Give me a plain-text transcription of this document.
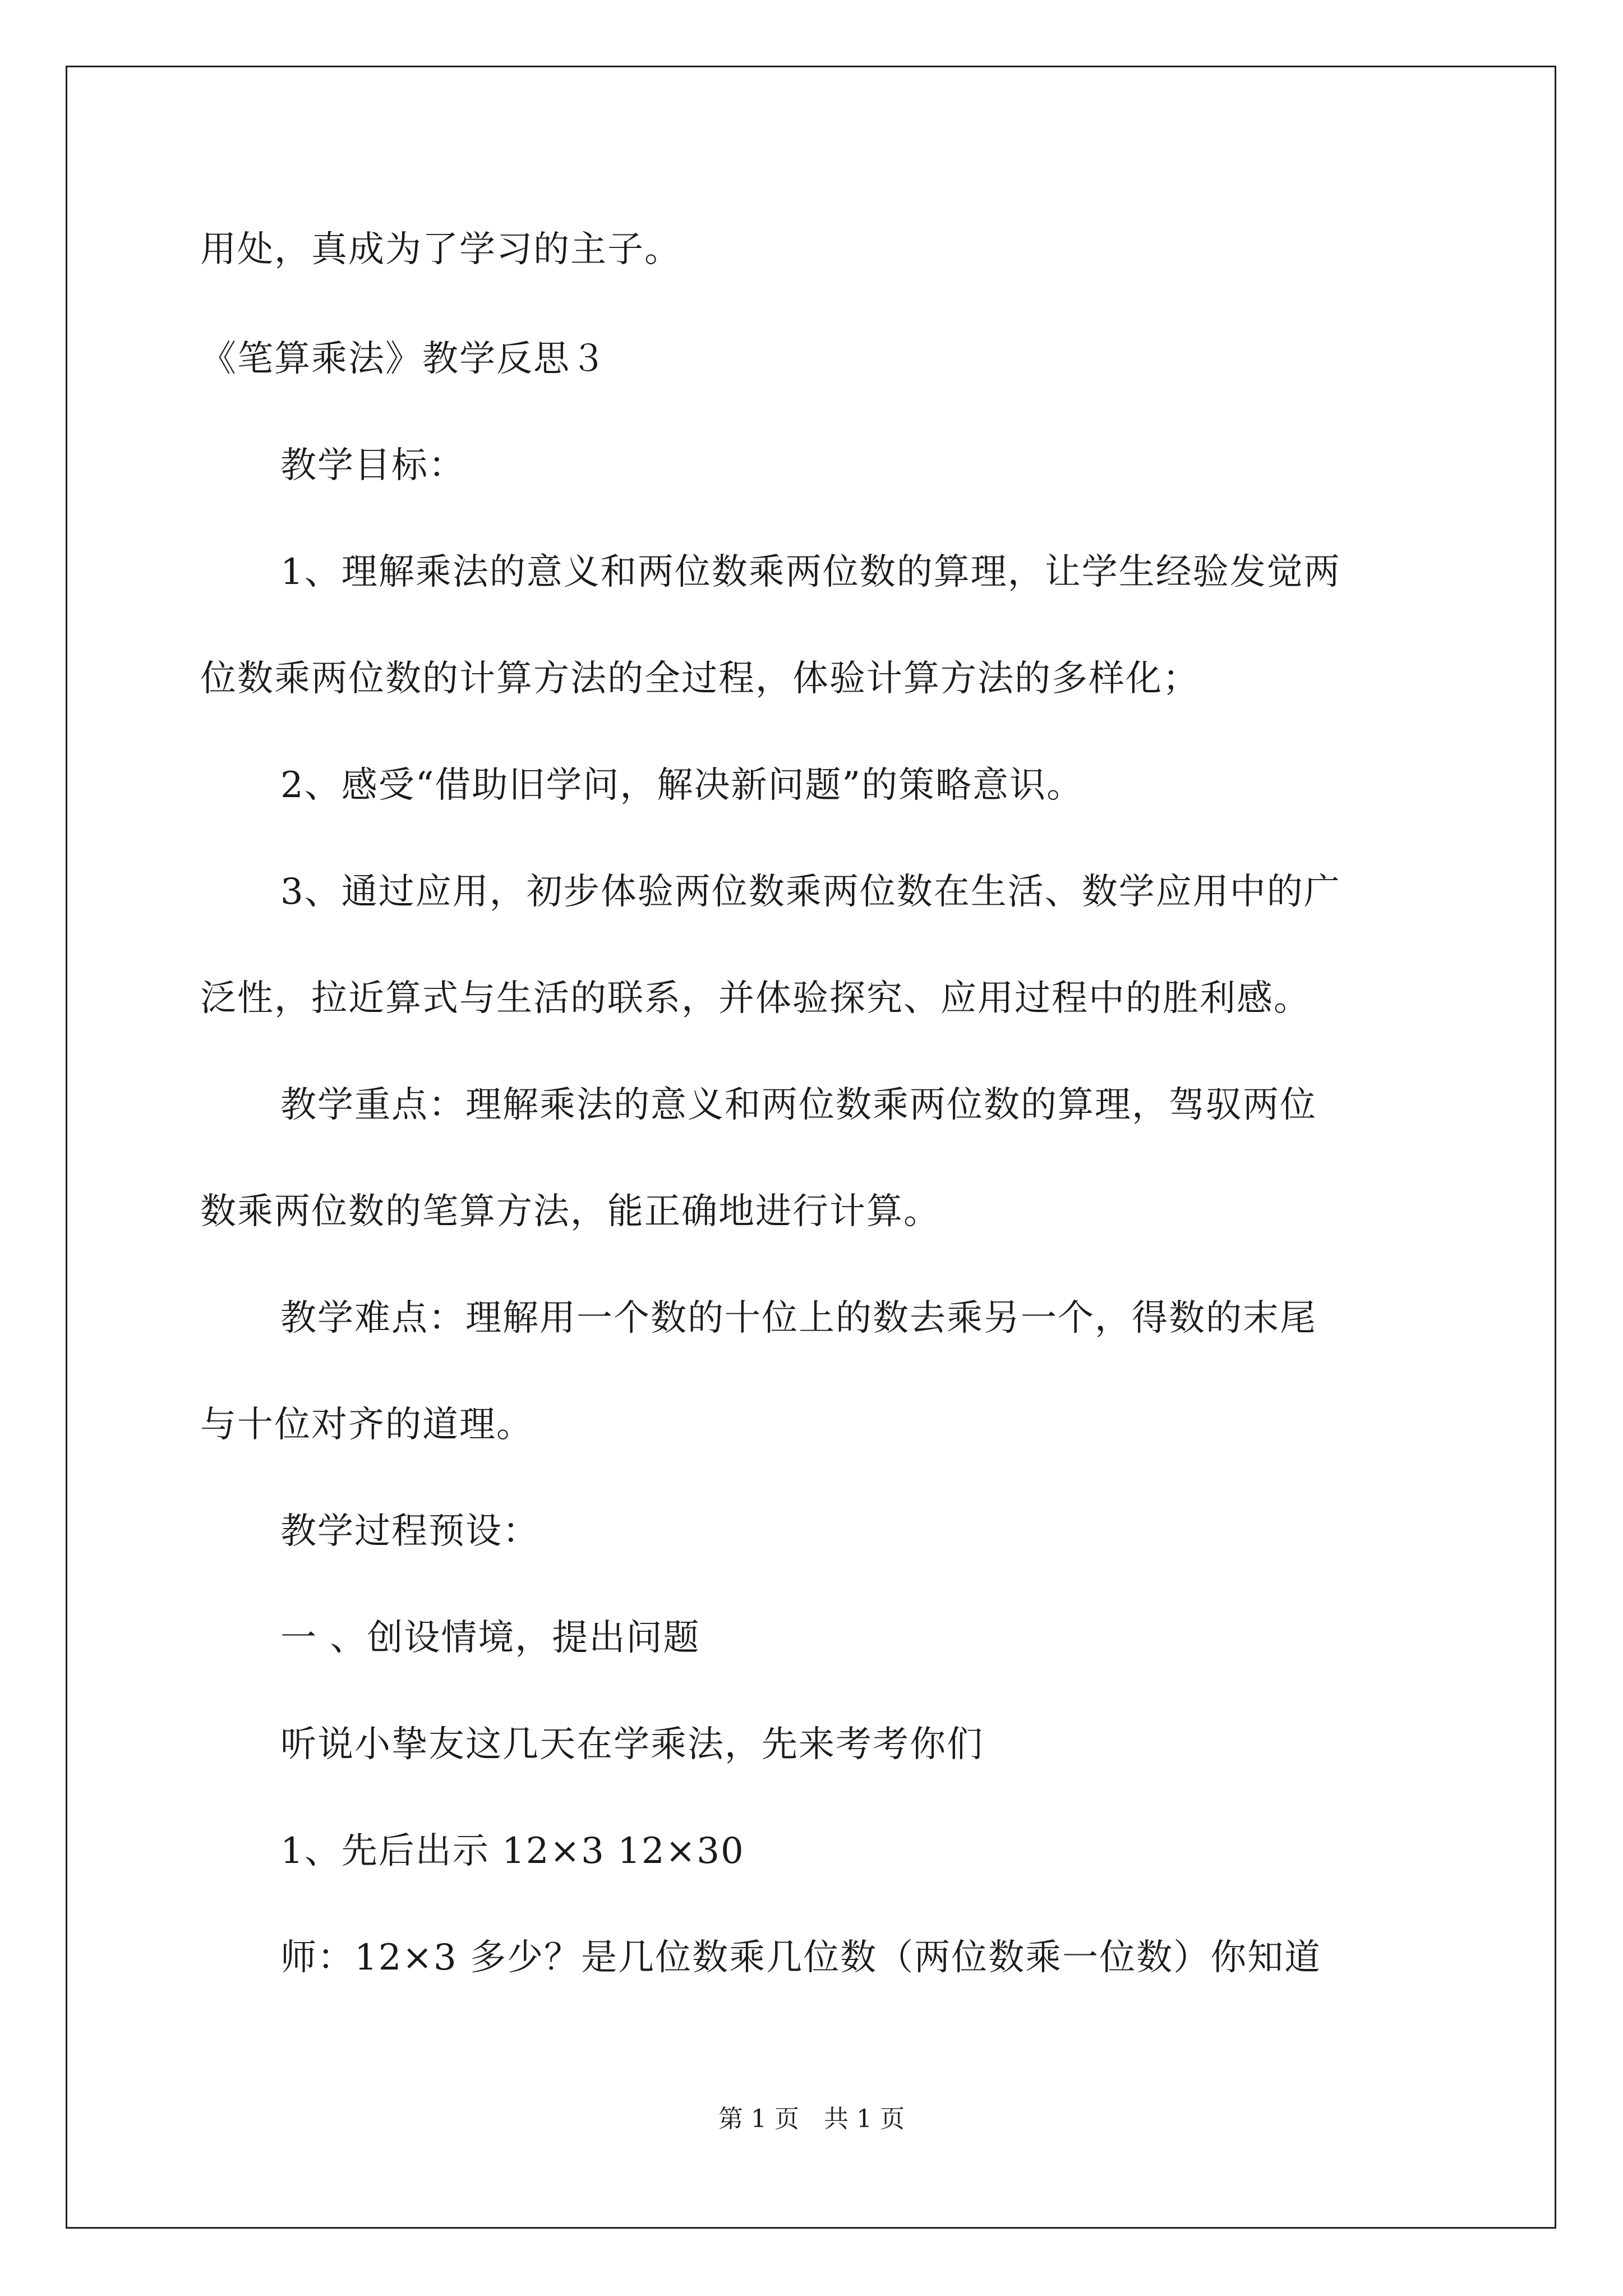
用处，真成为了学习的主子。
《笔算乘法》教学反思３
教学目标：
1、理解乘法的意义和两位数乘两位数的算理，让学生经验发觉两
位数乘两位数的计算方法的全过程，体验计算方法的多样化；
2、感受“借助旧学问，解决新问题”的策略意识。
3、通过应用，初步体验两位数乘两位数在生活、数学应用中的广
泛性，拉近算式与生活的联系，并体验探究、应用过程中的胜利感。
教学重点：理解乘法的意义和两位数乘两位数的算理，驾驭两位
数乘两位数的笔算方法，能正确地进行计算。
教学难点：理解用一个数的十位上的数去乘另一个，得数的末尾
与十位对齐的道理。
教学过程预设：
一 、创设情境，提出问题
听说小挚友这几天在学乘法，先来考考你们
1、先后出示 12×3 12×30
师：12×3 多少？是几位数乘几位数（两位数乘一位数）你知道
第 1 页　共 1 页
